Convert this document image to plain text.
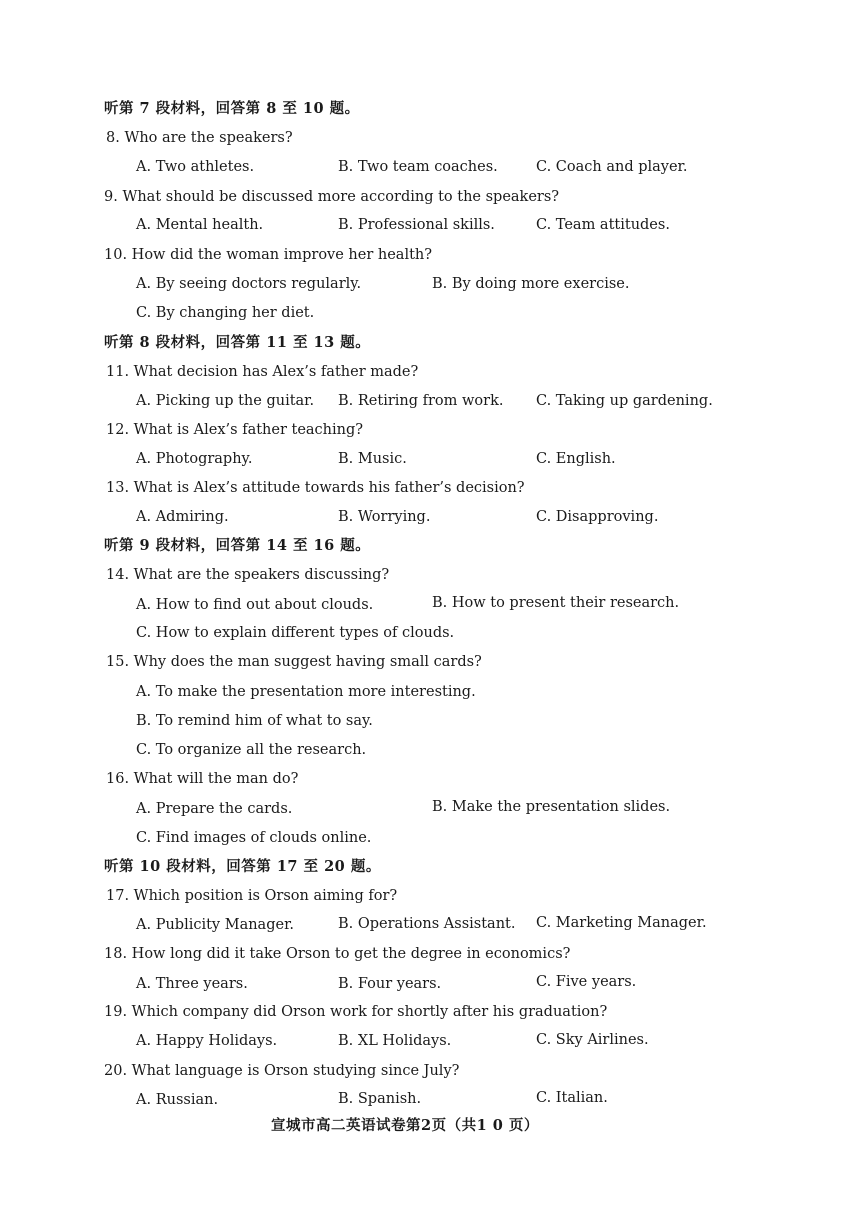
听第 7 段材料，回答第 8 至 10 题。
8. Who are the speakers?
A. Two athletes.	B. Two team coaches.	C. Coach and player.
9. What should be discussed more according to the speakers?
A. Mental health.	B. Professional skills.	C. Team attitudes.
10. How did the woman improve her health?
A. By seeing doctors regularly.	B. By doing more exercise.
C. By changing her diet.
听第 8 段材料，回答第 11 至 13 题。
11. What decision has Alex’s father made?
A. Picking up the guitar. B. Retiring from work. C. Taking up gardening.
12. What is Alex’s father teaching?
A. Photography.	B. Music.	C. English.
13. What is Alex’s attitude towards his father’s decision?
A. Admiring.	B. Worrying.	C. Disapproving.
听第 9 段材料，回答第 14 至 16 题。
14. What are the speakers discussing?
A. How to find out about clouds.	B. How to present their research.
C. How to explain different types of clouds.
15. Why does the man suggest having small cards?
A. To make the presentation more interesting.
B. To remind him of what to say.
C. To organize all the research.
16. What will the man do?
A. Prepare the cards.	B. Make the presentation slides.
C. Find images of clouds online.
听第 10 段材料，回答第 17 至 20 题。
17. Which position is Orson aiming for?
A. Publicity Manager.	B. Operations Assistant. C. Marketing Manager.
18. How long did it take Orson to get the degree in economics?
A. Three years.	B. Four years.	C. Five years.
19. Which company did Orson work for shortly after his graduation?
A. Happy Holidays.	B. XL Holidays.	C. Sky Airlines.
20. What language is Orson studying since July?
A. Russian.	B. Spanish.	C. Italian.
宣城市高二英语试卷第2页（共1 0 页）
